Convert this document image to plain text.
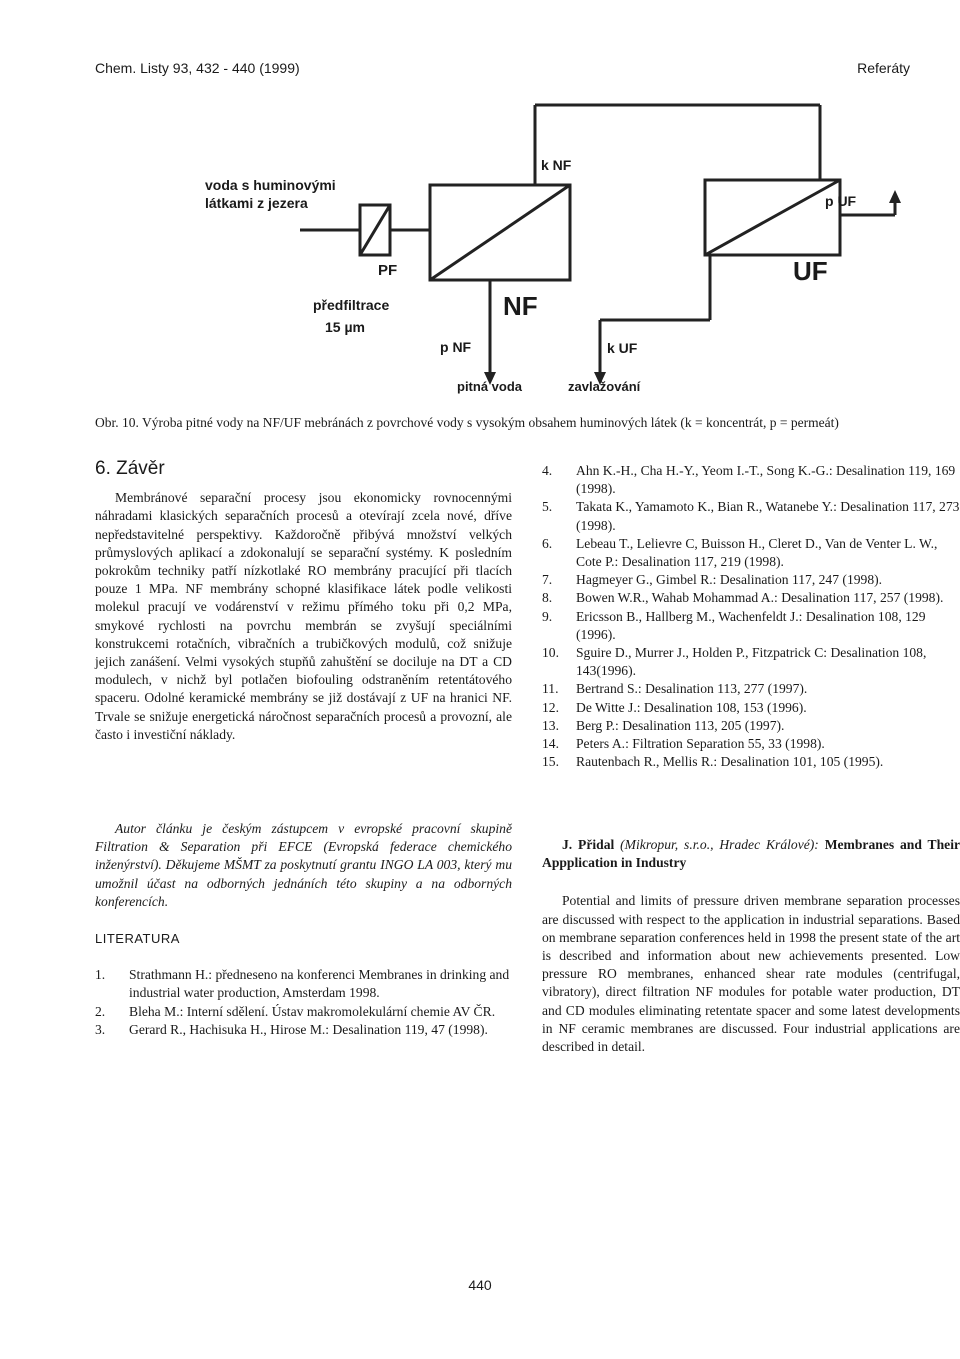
Chem. Listy 93, 432 - 440 (1999)	Referáty
voda s huminovými
látkami z jezera
PF
předfiltrace
15 µm
NF
k NF
p NF
pitná voda
p UF
UF
k UF
zavlažování
Obr. 10. Výroba pitné vody na NF/UF mebránách z povrchové vody s vysokým obsahem huminových látek (k = koncentrát, p = permeát)
6. Závěr

Membránové separační procesy jsou ekonomicky rovnocennými náhradami klasických separačních procesů a otevírají zcela nové, dříve nepředstavitelné perspektivy. Každoročně přibývá množství velkých průmyslových aplikací a zdokonalují se separační systémy. K posledním pokrokům techniky patří nízkotlaké RO membrány pracující při tlacích pouze 1 MPa. NF membrány schopné klasifikace látek podle velikosti molekul pracují ve vodárenství v režimu přímého toku při 0,2 MPa, smykové rychlosti na povrchu membrán se zvyšují speciálními konstrukcemi rotačních, vibračních a trubičkových modulů, což snižuje jejich zanášení. Velmi vysokých stupňů zahuštění se dociluje na DT a CD modulech, v nichž byl potlačen biofouling odstraněním retentátového spaceru. Odolné keramické membrány se již dostávají z UF na hranici NF. Trvale se snižuje energetická náročnost separačních procesů a provozní, ale často i investiční náklady.

Autor článku je českým zástupcem v evropské pracovní skupině Filtration & Separation při EFCE (Evropská federace chemického inženýrství). Děkujeme MŠMT za poskytnutí grantu INGO LA 003, který mu umožnil účast na odborných jednáních této skupiny a na odborných konferencích.

LITERATURA
1. Strathmann H.: předneseno na konferenci Membranes in drinking and industrial water production, Amsterdam 1998.
2. Bleha M.: Interní sdělení. Ústav makromolekulární chemie AV ČR.
3. Gerard R., Hachisuka H., Hirose M.: Desalination 119, 47 (1998).
4. Ahn K.-H., Cha H.-Y., Yeom I.-T., Song K.-G.: Desalination 119, 169 (1998).
5. Takata K., Yamamoto K., Bian R., Watanebe Y.: Desalination 117, 273 (1998).
6. Lebeau T., Lelievre C, Buisson H., Cleret D., Van de Venter L. W., Cote P.: Desalination 117, 219 (1998).
7. Hagmeyer G., Gimbel R.: Desalination 117, 247 (1998).
8. Bowen W.R., Wahab Mohammad A.: Desalination 117, 257 (1998).
9. Ericsson B., Hallberg M., Wachenfeldt J.: Desalination 108, 129 (1996).
10. Sguire D., Murrer J., Holden P., Fitzpatrick C: Desalination 108, 143(1996).
11. Bertrand S.: Desalination 113, 277 (1997).
12. De Witte J.: Desalination 108, 153 (1996).
13. Berg P.: Desalination 113, 205 (1997).
14. Peters A.: Filtration Separation 55, 33 (1998).
15. Rautenbach R., Mellis R.: Desalination 101, 105 (1995).

J. Přidal (Mikropur, s.r.o., Hradec Králové): Membranes and Their Appplication in Industry

Potential and limits of pressure driven membrane separation processes are discussed with respect to the application in industrial separations. Based on membrane separation conferences held in 1998 the present state of the art is described and information about new achievements presented. Low pressure RO membranes, enhanced shear rate modules (centrifugal, vibratory), direct filtration NF modules for potable water production, DT and CD modules eliminating retentate spacer and some latest developments in NF ceramic membranes are discussed. Four industrial applications are described in detail.

440
